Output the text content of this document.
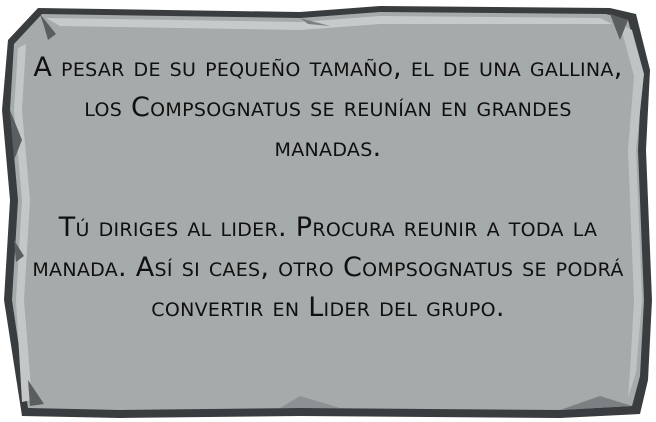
A pesar de su pequeño tamaño, el de una gallina, los Compsognatus se reunían en grandes manadas.

Tú diriges al lider. Procura reunir a toda la manada. Así si caes, otro Compsognatus se podrá convertir en Lider del grupo.
